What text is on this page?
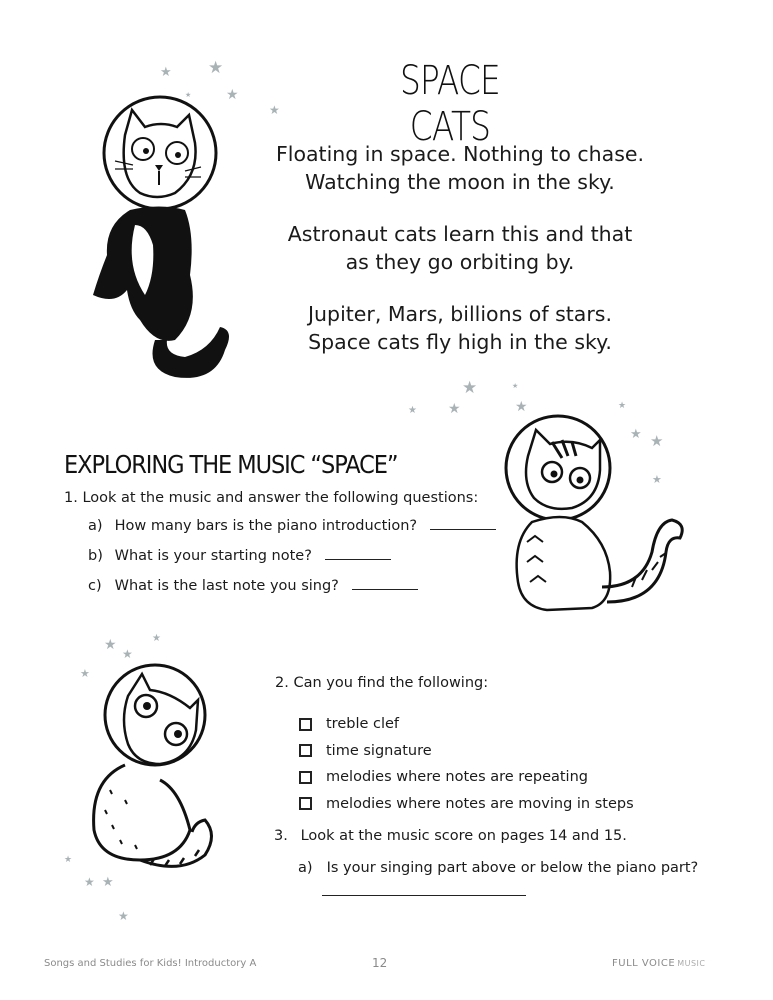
SPACE CATS
Floating in space. Nothing to chase.
Watching the moon in the sky.
Astronaut cats learn this and that
as they go orbiting by.
Jupiter, Mars, billions of stars.
Space cats fly high in the sky.
EXPLORING THE MUSIC “SPACE”
1. Look at the music and answer the following questions:
a) How many bars is the piano introduction?
b) What is your starting note?
c) What is the last note you sing?
2. Can you find the following:
treble clef
time signature
melodies where notes are repeating
melodies where notes are moving in steps
3. Look at the music score on pages 14 and 15.
a) Is your singing part above or below the piano part?
Songs and Studies for Kids! Introductory A	12	FULL VOICE MUSIC
★ ★
★
★
★
★
★
★	★
★
★
★ ★
★
★
★
★
★
★
★ ★
★
